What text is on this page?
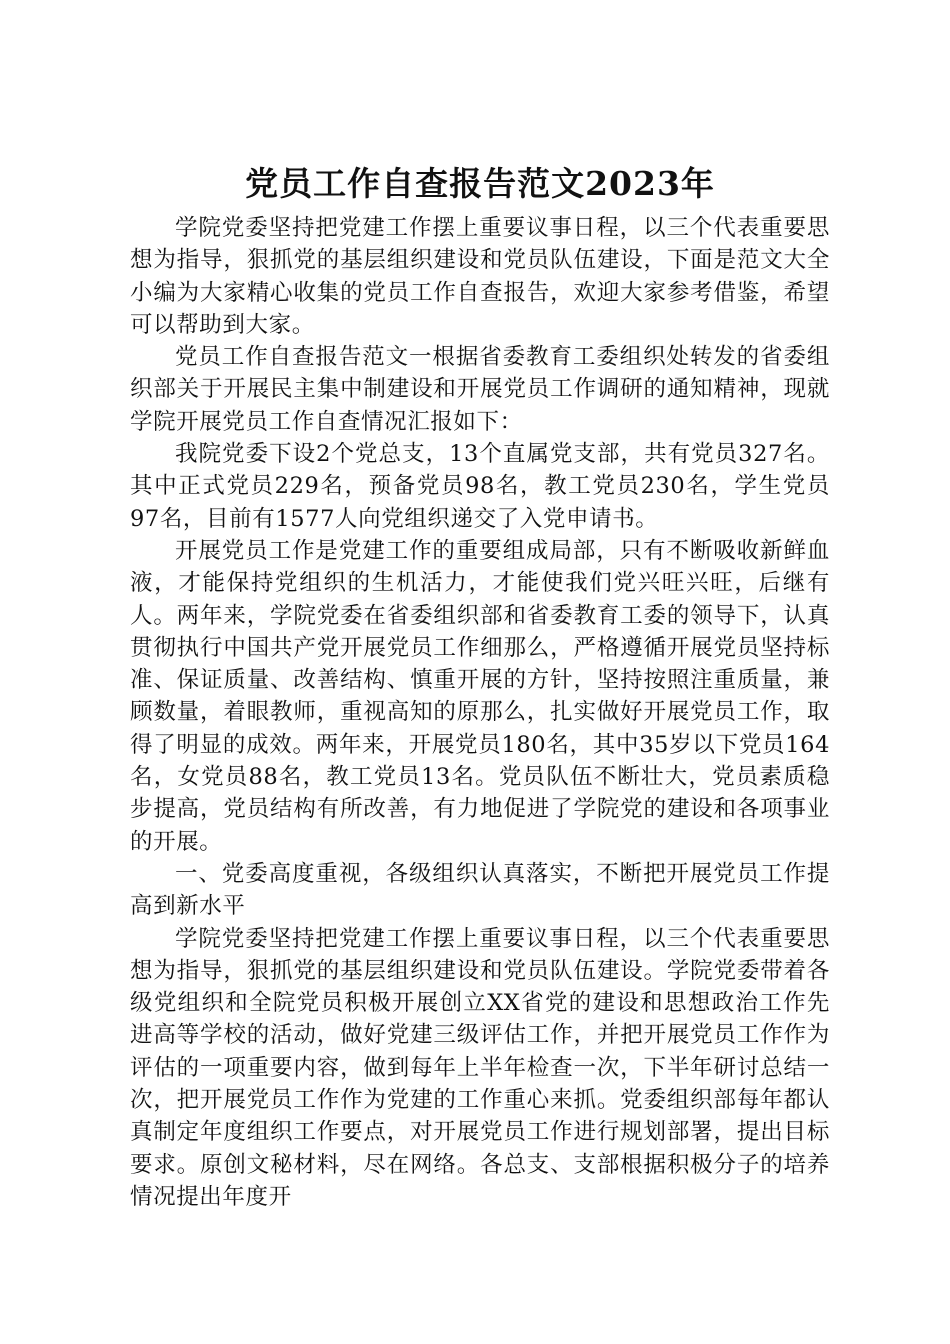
党员工作自查报告范文2023年

学院党委坚持把党建工作摆上重要议事日程，以三个代表重要思想为指导，狠抓党的基层组织建设和党员队伍建设，下面是范文大全小编为大家精心收集的党员工作自查报告，欢迎大家参考借鉴，希望可以帮助到大家。

党员工作自查报告范文一根据省委教育工委组织处转发的省委组织部关于开展民主集中制建设和开展党员工作调研的通知精神，现就学院开展党员工作自查情况汇报如下：

我院党委下设2个党总支，13个直属党支部，共有党员327名。其中正式党员229名，预备党员98名，教工党员230名，学生党员97名，目前有1577人向党组织递交了入党申请书。

开展党员工作是党建工作的重要组成局部，只有不断吸收新鲜血液，才能保持党组织的生机活力，才能使我们党兴旺兴旺，后继有人。两年来，学院党委在省委组织部和省委教育工委的领导下，认真贯彻执行中国共产党开展党员工作细那么，严格遵循开展党员坚持标准、保证质量、改善结构、慎重开展的方针，坚持按照注重质量，兼顾数量，着眼教师，重视高知的原那么，扎实做好开展党员工作，取得了明显的成效。两年来，开展党员180名，其中35岁以下党员164名，女党员88名，教工党员13名。党员队伍不断壮大，党员素质稳步提高，党员结构有所改善，有力地促进了学院党的建设和各项事业的开展。

一、党委高度重视，各级组织认真落实，不断把开展党员工作提高到新水平

学院党委坚持把党建工作摆上重要议事日程，以三个代表重要思想为指导，狠抓党的基层组织建设和党员队伍建设。学院党委带着各级党组织和全院党员积极开展创立XX省党的建设和思想政治工作先进高等学校的活动，做好党建三级评估工作，并把开展党员工作作为评估的一项重要内容，做到每年上半年检查一次，下半年研讨总结一次，把开展党员工作作为党建的工作重心来抓。党委组织部每年都认真制定年度组织工作要点，对开展党员工作进行规划部署，提出目标要求。原创文秘材料，尽在网络。各总支、支部根据积极分子的培养情况提出年度开
